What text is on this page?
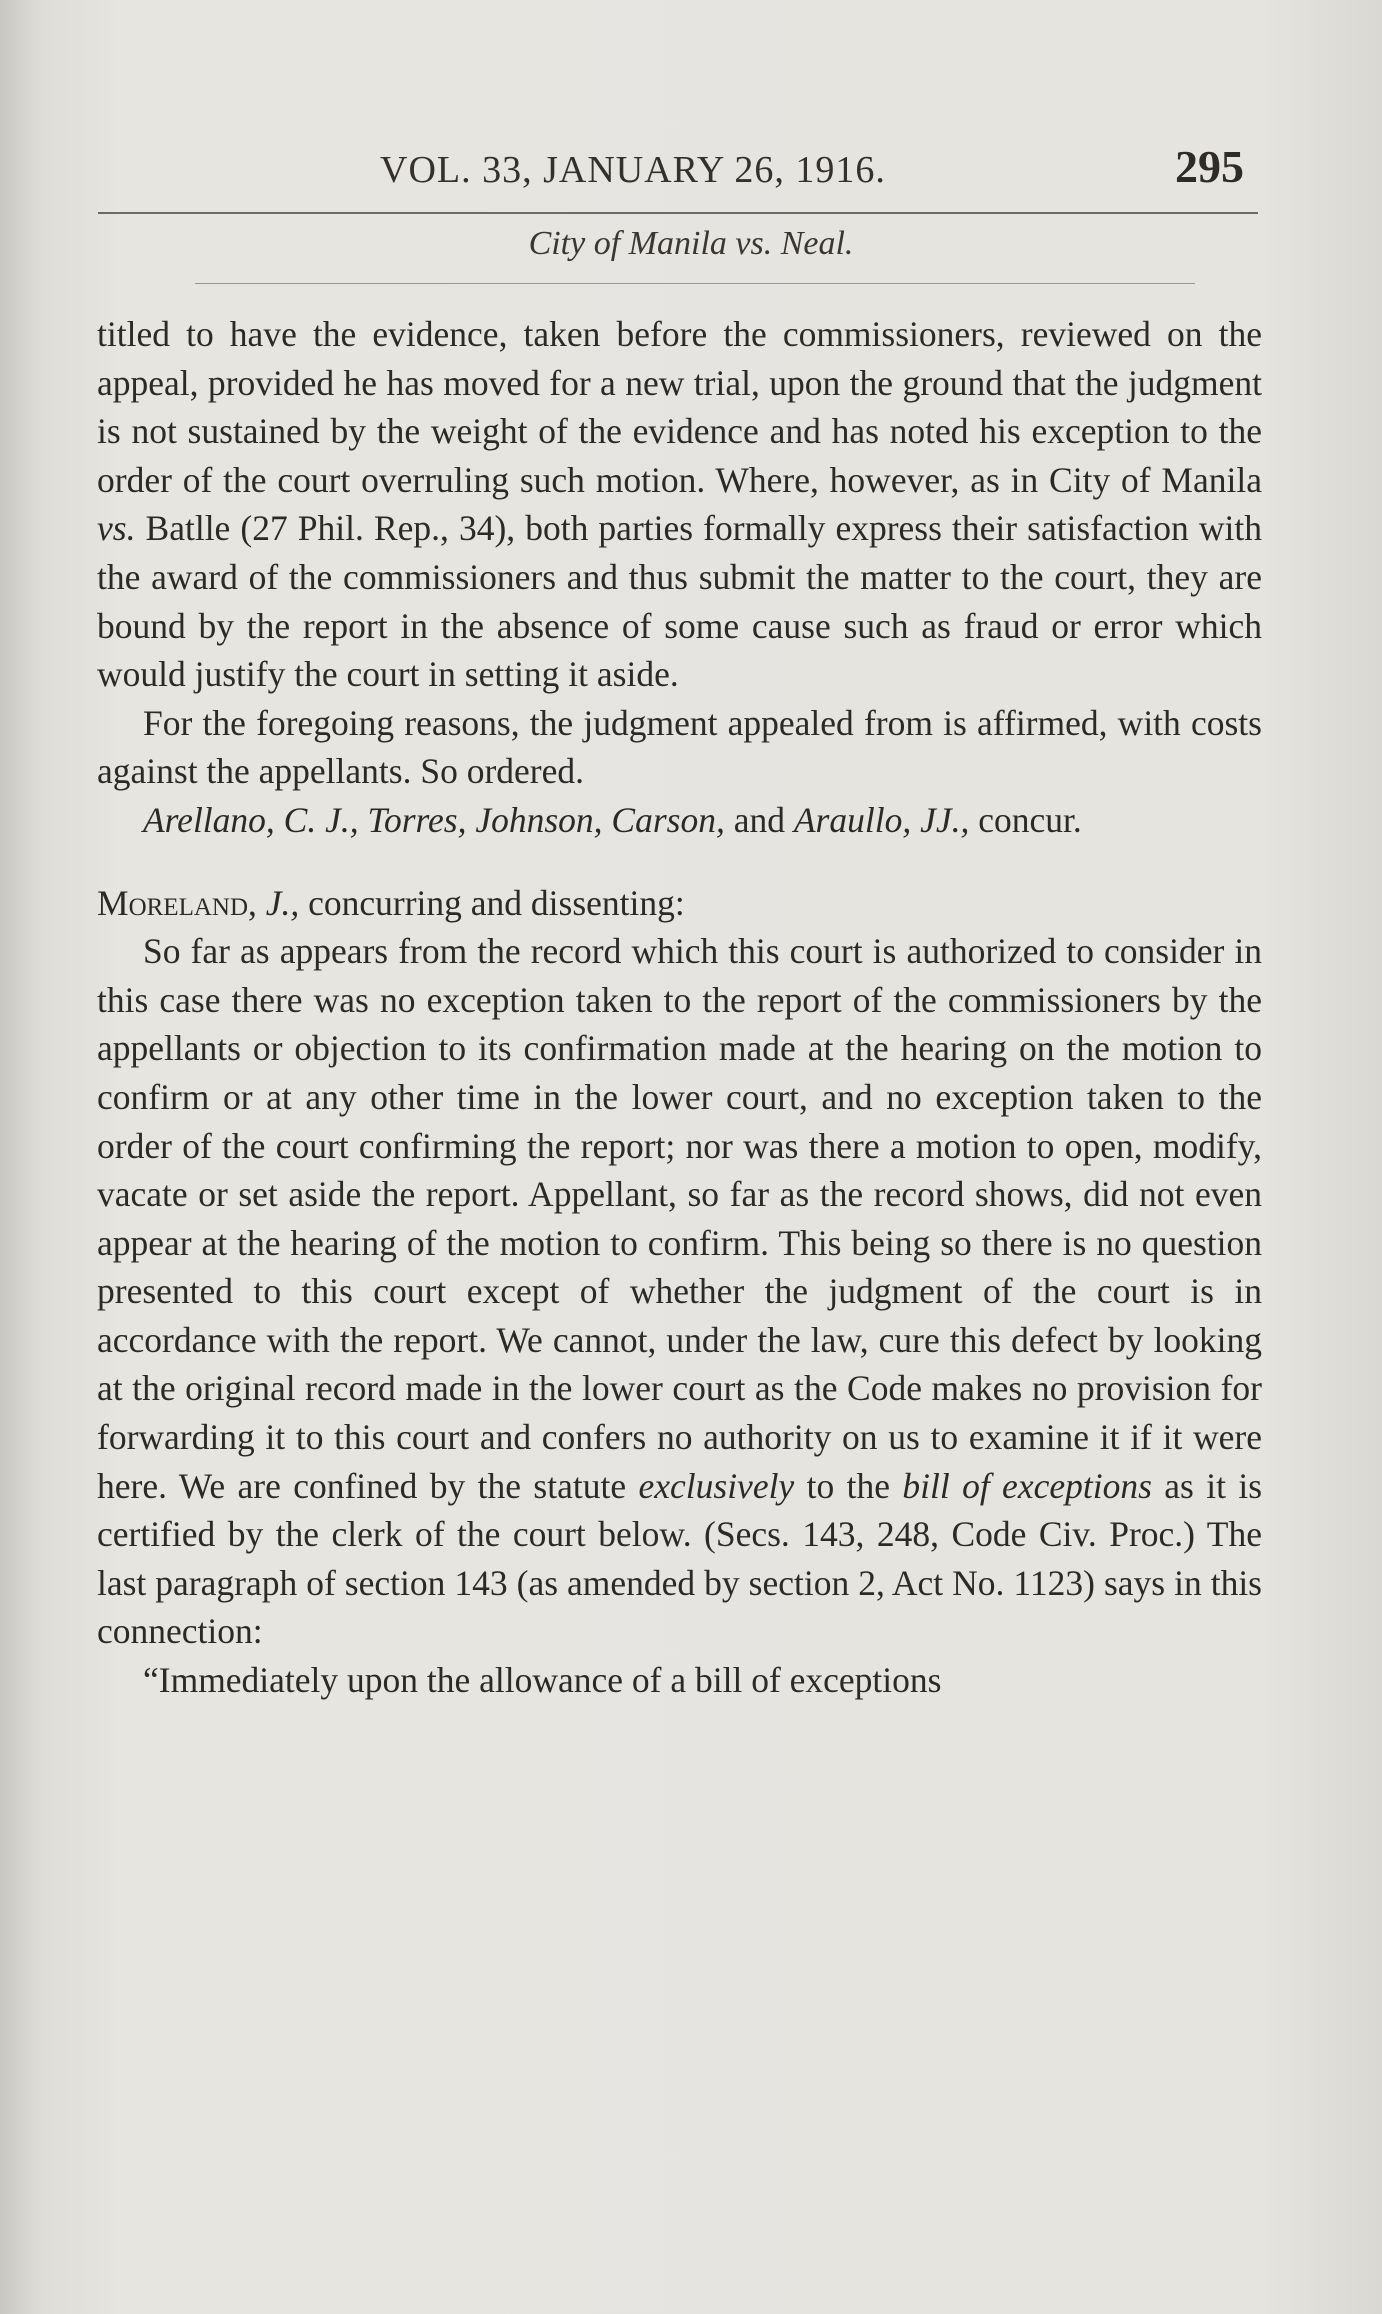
VOL. 33, JANUARY 26, 1916.	295
City of Manila vs. Neal.

titled to have the evidence, taken before the commissioners, reviewed on the appeal, provided he has moved for a new trial, upon the ground that the judgment is not sustained by the weight of the evidence and has noted his exception to the order of the court overruling such motion. Where, however, as in City of Manila vs. Batlle (27 Phil. Rep., 34), both parties formally express their satisfaction with the award of the commissioners and thus submit the matter to the court, they are bound by the report in the absence of some cause such as fraud or error which would justify the court in setting it aside.

For the foregoing reasons, the judgment appealed from is affirmed, with costs against the appellants. So ordered.

Arellano, C. J., Torres, Johnson, Carson, and Araullo, JJ., concur.

Moreland, J., concurring and dissenting:

So far as appears from the record which this court is authorized to consider in this case there was no exception taken to the report of the commissioners by the appellants or objection to its confirmation made at the hearing on the motion to confirm or at any other time in the lower court, and no exception taken to the order of the court confirming the report; nor was there a motion to open, modify, vacate or set aside the report. Appellant, so far as the record shows, did not even appear at the hearing of the motion to confirm. This being so there is no question presented to this court except of whether the judgment of the court is in accordance with the report. We cannot, under the law, cure this defect by looking at the original record made in the lower court as the Code makes no provision for forwarding it to this court and confers no authority on us to examine it if it were here. We are confined by the statute exclusively to the bill of exceptions as it is certified by the clerk of the court below. (Secs. 143, 248, Code Civ. Proc.) The last paragraph of section 143 (as amended by section 2, Act No. 1123) says in this connection:

“Immediately upon the allowance of a bill of exceptions
